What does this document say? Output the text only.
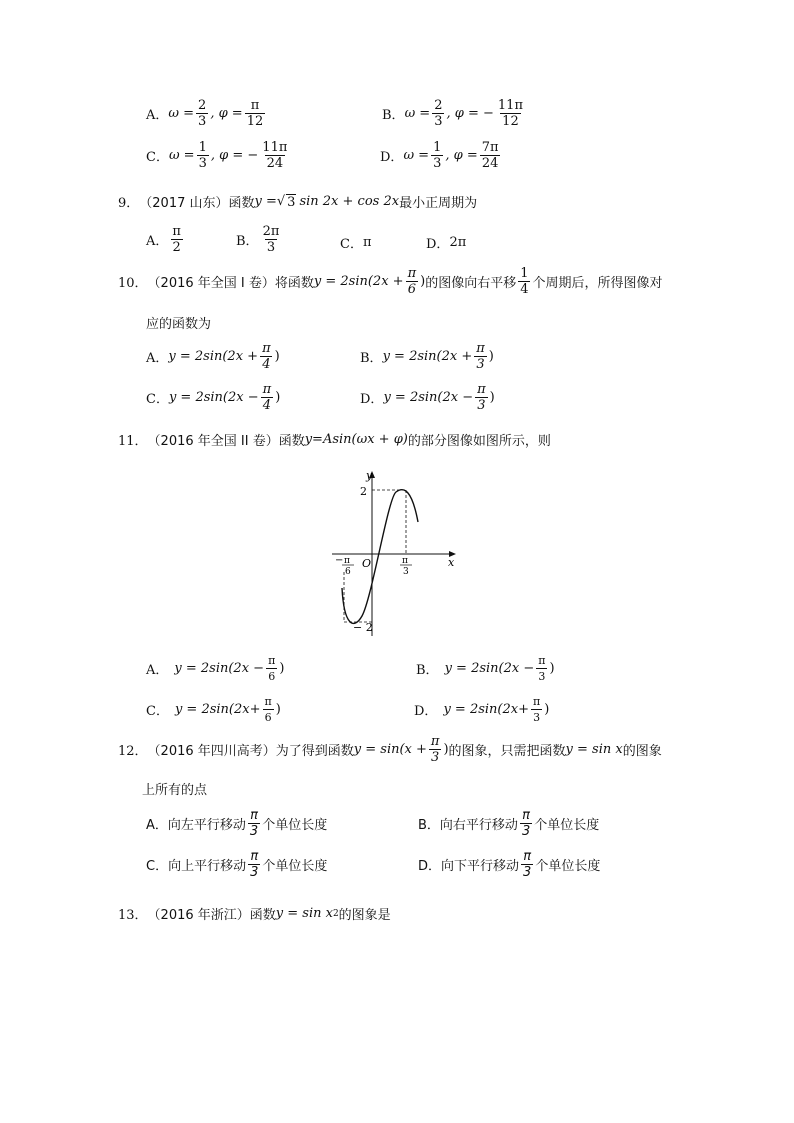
A． $\omega = \frac{2}{3}$ , $\varphi = \frac{\pi}{12}$	B． $\omega = \frac{2}{3}$ , φ = − $\frac{11\pi}{12}$
C． $\omega = \frac{1}{3}$ , φ = − $\frac{11\pi}{24}$	D． $\omega = \frac{1}{3}$ , $\varphi = \frac{7\pi}{24}$
9． （2017 山东）函数 y = √ 3 sin 2x + cos 2x 最小正周期为
A． $\frac{\pi}{2}$	B． $\frac{2\pi}{3}$	C． π	D． 2π
10． （2016 年全国 I 卷）将函数 $y = 2\sin(2x + \frac{\pi}{6}$ ) 的图像向右平移 $\frac{1}{4}$ 个周期后，所得图像对
应的函数为
A． $y = 2\sin(2x + \frac{\pi}{4}$ )	B． $y = 2\sin(2x + \frac{\pi}{3}$ )
C． $y = 2\sin(2x - \frac{\pi}{4}$ )	D． $y = 2\sin(2x - \frac{\pi}{3}$ )
11． （2016 年全国 II 卷）函数 y=Asin(ωx + φ) 的部分图像如图所示，则
y
x
O
2
− 2
− π
6
π
3
A． $y = 2\sin(2x - \frac{\pi}{6}$ )	B． $y = 2\sin(2x - \frac{\pi}{3}$ )
C． $y = 2\sin(2x+ \frac{\pi}{6}$ )	D． $y = 2\sin(2x+ \frac{\pi}{3}$ )
12． （2016 年四川高考）为了得到函数 $y = \sin(x + \frac{\pi}{3}$ ) 的图象，只需把函数 y = sin x 的图象
上所有的点
A． 向左平行移动 $\frac{\pi}{3}$ 个单位长度	B． 向右平行移动 $\frac{\pi}{3}$ 个单位长度
C． 向上平行移动 $\frac{\pi}{3}$ 个单位长度	D． 向下平行移动 $\frac{\pi}{3}$ 个单位长度
13． （2016 年浙江）函数 y = sin x 2 的图象是
